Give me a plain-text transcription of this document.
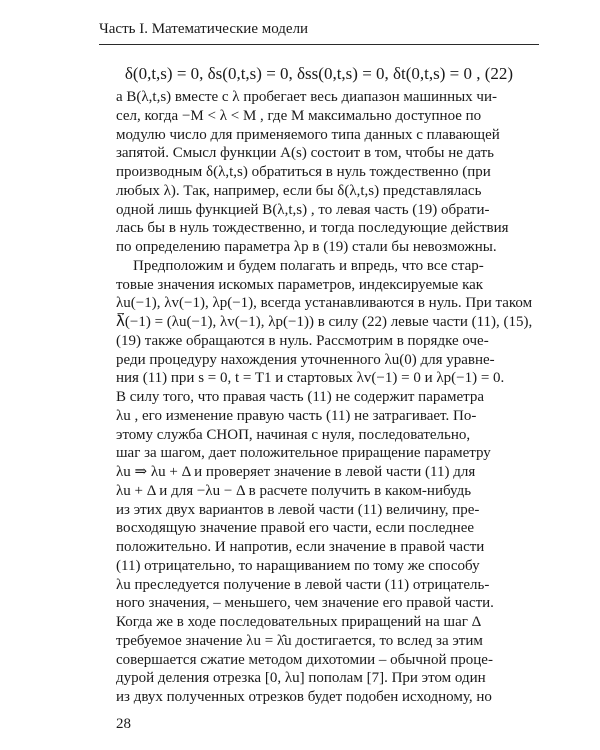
Часть I. Математические модели
δ(0,t,s) = 0, δs(0,t,s) = 0, δss(0,t,s) = 0, δt(0,t,s) = 0 , (22)
а B(λ,t,s) вместе с λ пробегает весь диапазон машинных чи-
сел, когда −M < λ < M , где M максимально доступное по
модулю число для применяемого типа данных с плавающей
запятой. Смысл функции A(s) состоит в том, чтобы не дать
производным δ(λ,t,s) обратиться в нуль тождественно (при
любых λ). Так, например, если бы δ(λ,t,s) представлялась
одной лишь функцией B(λ,t,s) , то левая часть (19) обрати-
лась бы в нуль тождественно, и тогда последующие действия
по определению параметра λp в (19) стали бы невозможны.
Предположим и будем полагать и впредь, что все стар-
товые значения искомых параметров, индексируемые как
λu(−1), λv(−1), λp(−1), всегда устанавливаются в нуль. При таком
λ⃗(−1) = (λu(−1), λv(−1), λp(−1)) в силу (22) левые части (11), (15),
(19) также обращаются в нуль. Рассмотрим в порядке оче-
реди процедуру нахождения уточненного λu(0) для уравне-
ния (11) при s = 0, t = T1 и стартовых λv(−1) = 0 и λp(−1) = 0.
В силу того, что правая часть (11) не содержит параметра
λu , его изменение правую часть (11) не затрагивает. По-
этому служба СНОП, начиная с нуля, последовательно,
шаг за шагом, дает положительное приращение параметру
λu ⇒ λu + Δ и проверяет значение в левой части (11) для
λu + Δ и для −λu − Δ в расчете получить в каком-нибудь
из этих двух вариантов в левой части (11) величину, пре-
восходящую значение правой его части, если последнее
положительно. И напротив, если значение в правой части
(11) отрицательно, то наращиванием по тому же способу
λu преследуется получение в левой части (11) отрицатель-
ного значения, – меньшего, чем значение его правой части.
Когда же в ходе последовательных приращений на шаг Δ
требуемое значение λu = λ̂u достигается, то вслед за этим
совершается сжатие методом дихотомии – обычной проце-
дурой деления отрезка [0, λu] пополам [7]. При этом один
из двух полученных отрезков будет подобен исходному, но
28
